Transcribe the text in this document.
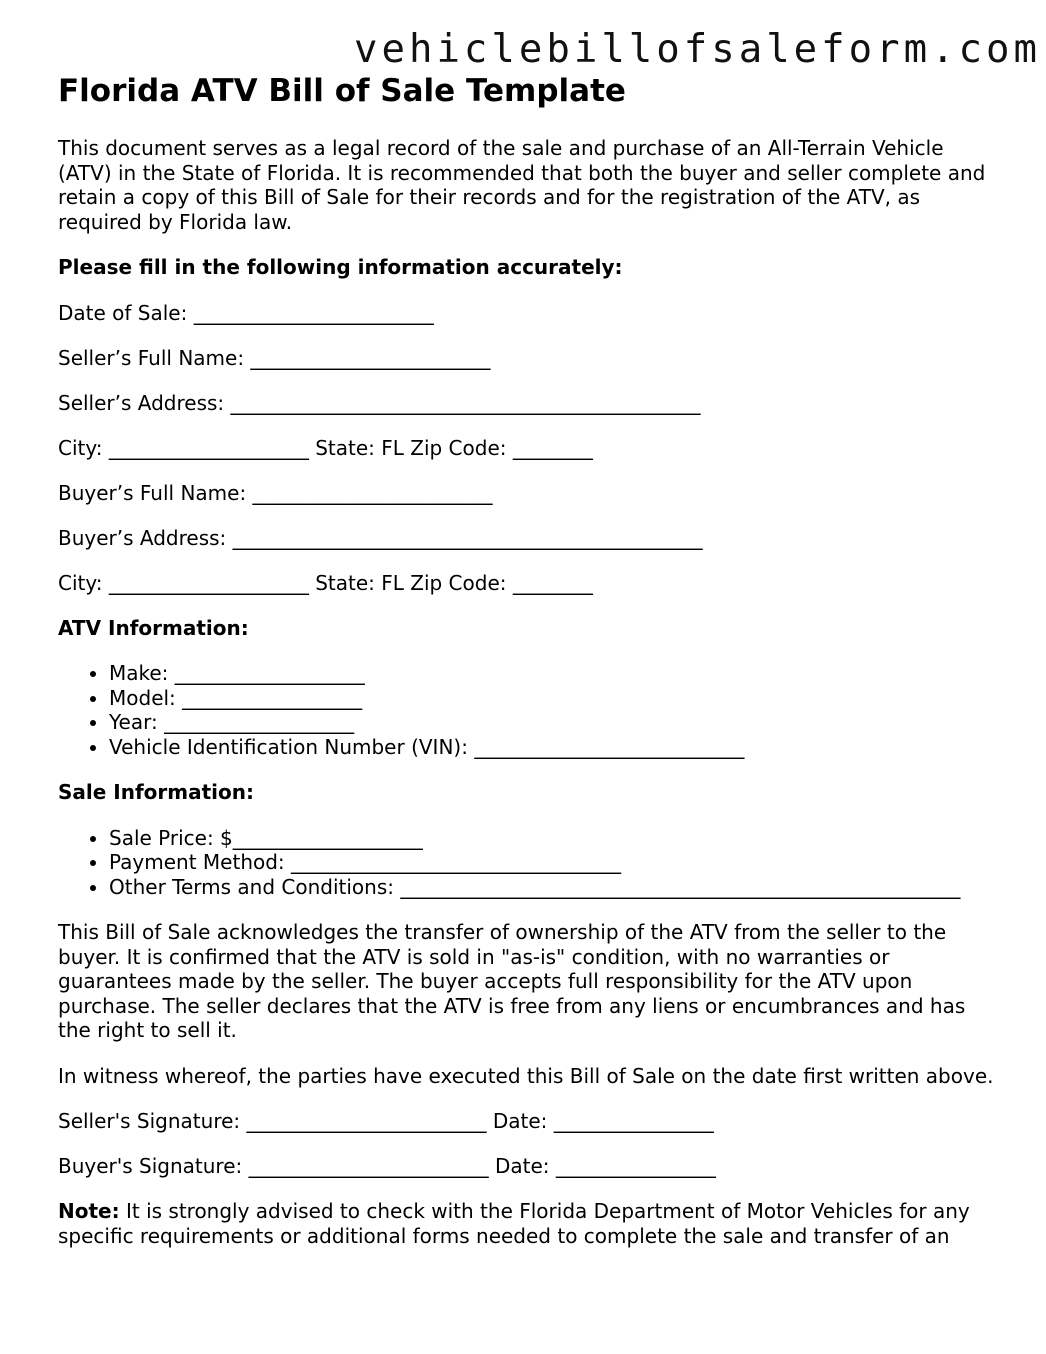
vehiclebillofsaleform.com
Florida ATV Bill of Sale Template

This document serves as a legal record of the sale and purchase of an All-Terrain Vehicle (ATV) in the State of Florida. It is recommended that both the buyer and seller complete and retain a copy of this Bill of Sale for their records and for the registration of the ATV, as required by Florida law.

Please fill in the following information accurately:

Date of Sale: ________________________

Seller’s Full Name: ________________________

Seller’s Address: _______________________________________________

City: ____________________ State: FL Zip Code: ________

Buyer’s Full Name: ________________________

Buyer’s Address: _______________________________________________

City: ____________________ State: FL Zip Code: ________

ATV Information:

• Make: ___________________
• Model: __________________
• Year: ___________________
• Vehicle Identification Number (VIN): ___________________________

Sale Information:

• Sale Price: $___________________
• Payment Method: _________________________________
• Other Terms and Conditions: ________________________________________________________

This Bill of Sale acknowledges the transfer of ownership of the ATV from the seller to the buyer. It is confirmed that the ATV is sold in "as-is" condition, with no warranties or guarantees made by the seller. The buyer accepts full responsibility for the ATV upon purchase. The seller declares that the ATV is free from any liens or encumbrances and has the right to sell it.

In witness whereof, the parties have executed this Bill of Sale on the date first written above.

Seller's Signature: ________________________ Date: ________________

Buyer's Signature: ________________________ Date: ________________

Note: It is strongly advised to check with the Florida Department of Motor Vehicles for any specific requirements or additional forms needed to complete the sale and transfer of an
